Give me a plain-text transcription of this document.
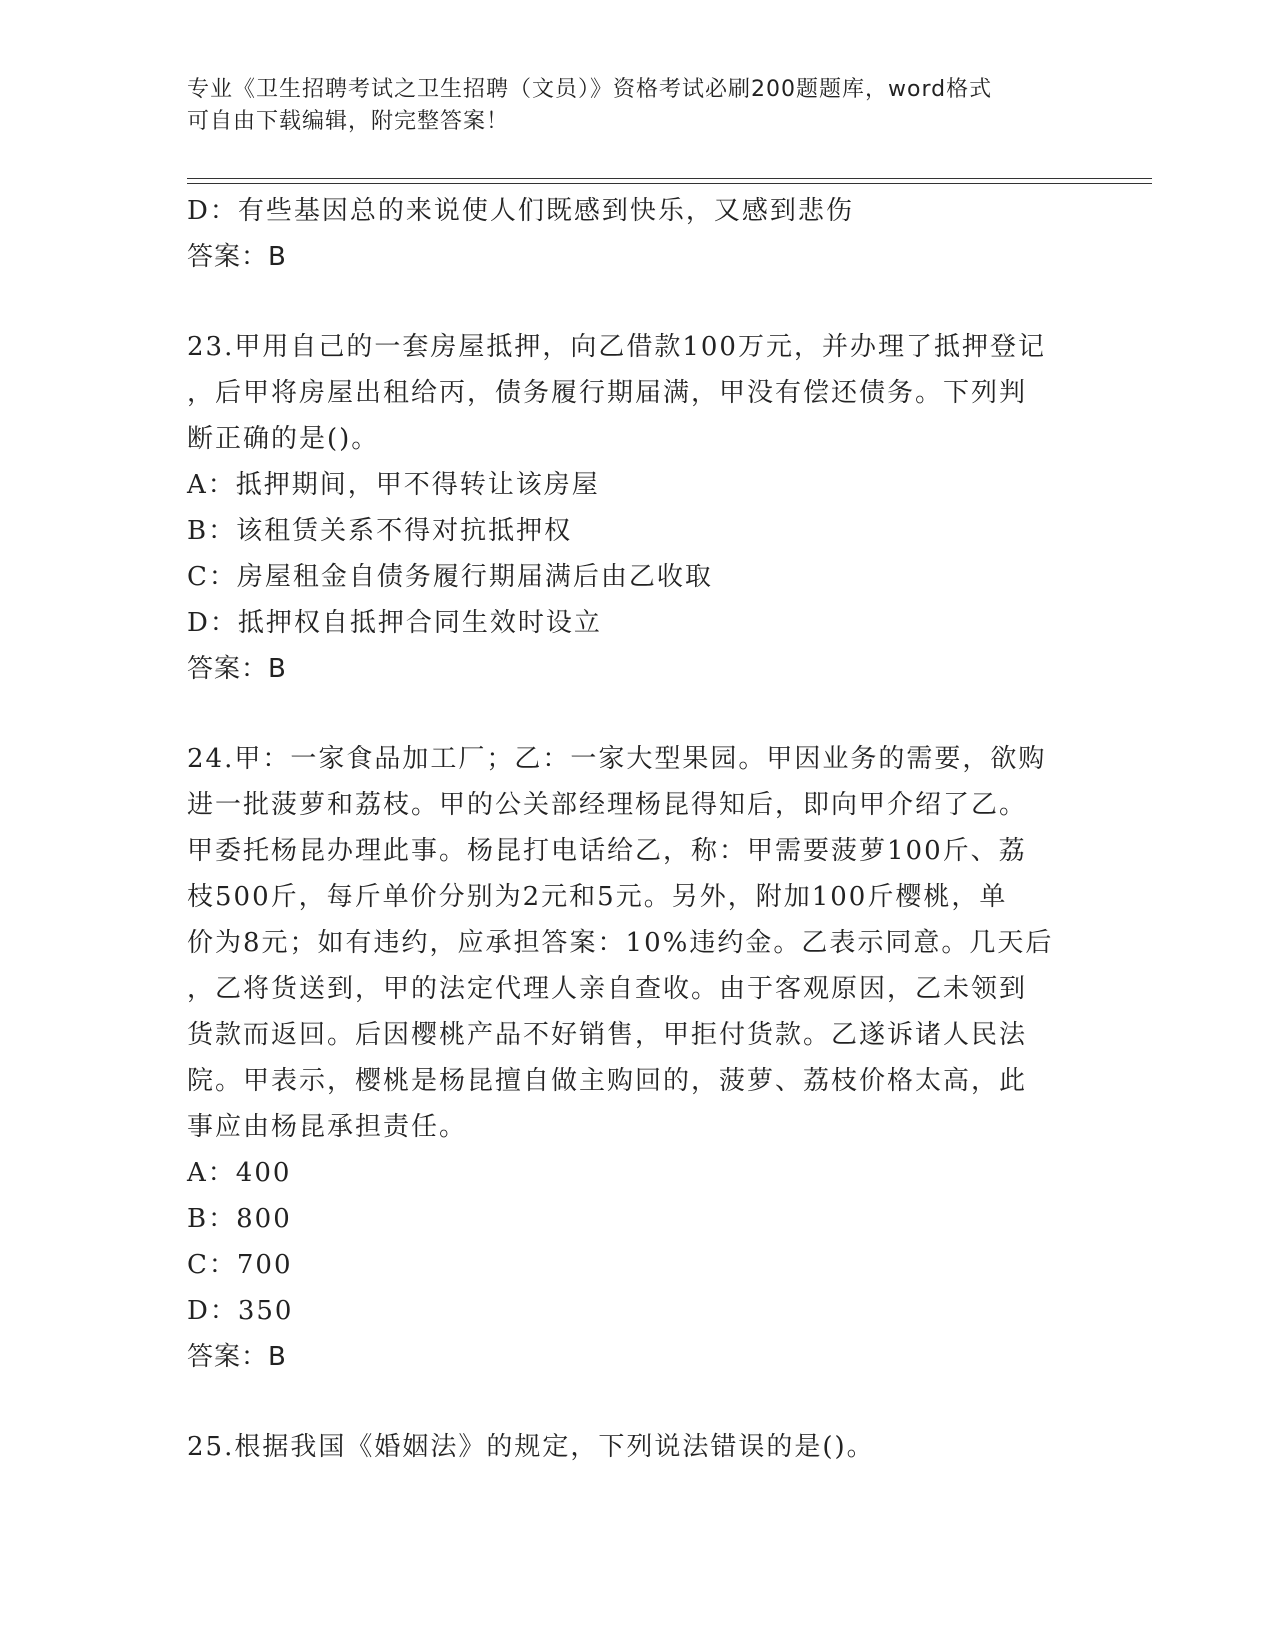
专业《卫生招聘考试之卫生招聘（文员）》资格考试必刷200题题库，word格式
可自由下载编辑，附完整答案！
D：有些基因总的来说使人们既感到快乐，又感到悲伤
答案：B
23.甲用自己的一套房屋抵押，向乙借款100万元，并办理了抵押登记
，后甲将房屋出租给丙，债务履行期届满，甲没有偿还债务。下列判
断正确的是()。
A：抵押期间，甲不得转让该房屋
B：该租赁关系不得对抗抵押权
C：房屋租金自债务履行期届满后由乙收取
D：抵押权自抵押合同生效时设立
答案：B
24.甲：一家食品加工厂；乙：一家大型果园。甲因业务的需要，欲购
进一批菠萝和荔枝。甲的公关部经理杨昆得知后，即向甲介绍了乙。
甲委托杨昆办理此事。杨昆打电话给乙，称：甲需要菠萝100斤、荔
枝500斤，每斤单价分别为2元和5元。另外，附加100斤樱桃，单
价为8元；如有违约，应承担答案：10%违约金。乙表示同意。几天后
，乙将货送到，甲的法定代理人亲自查收。由于客观原因，乙未领到
货款而返回。后因樱桃产品不好销售，甲拒付货款。乙遂诉诸人民法
院。甲表示，樱桃是杨昆擅自做主购回的，菠萝、荔枝价格太高，此
事应由杨昆承担责任。
A：400
B：800
C：700
D：350
答案：B
25.根据我国《婚姻法》的规定，下列说法错误的是()。
